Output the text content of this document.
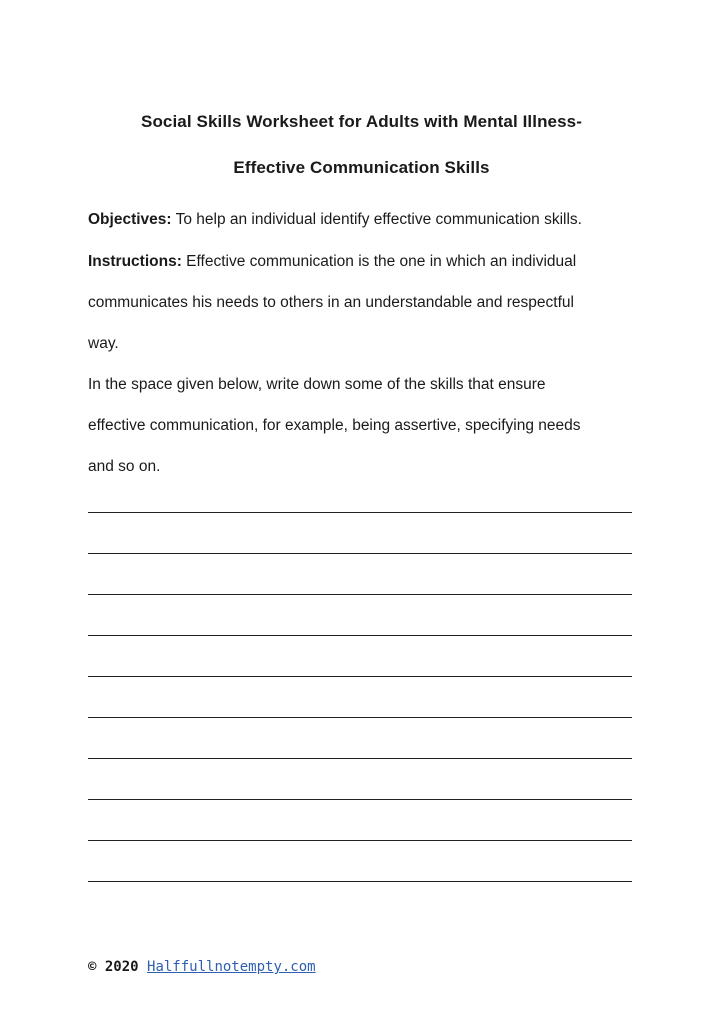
Social Skills Worksheet for Adults with Mental Illness-
Effective Communication Skills
Objectives: To help an individual identify effective communication skills.
Instructions: Effective communication is the one in which an individual
communicates his needs to others in an understandable and respectful
way.
In the space given below, write down some of the skills that ensure
effective communication, for example, being assertive, specifying needs
and so on.
© 2020 Halffullnotempty.com
